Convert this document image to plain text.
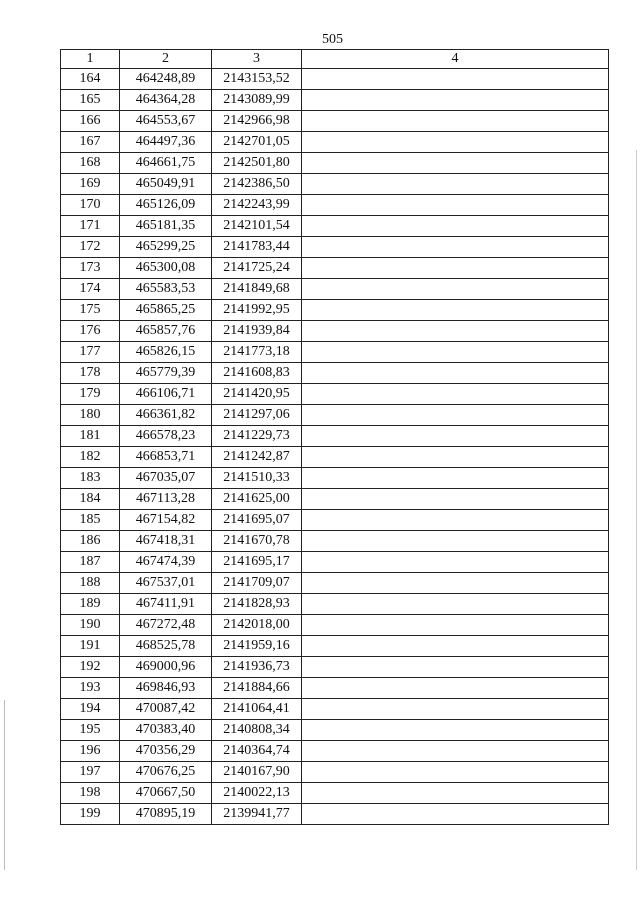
505
1	2	3	4
164	464248,89	2143153,52	
165	464364,28	2143089,99	
166	464553,67	2142966,98	
167	464497,36	2142701,05	
168	464661,75	2142501,80	
169	465049,91	2142386,50	
170	465126,09	2142243,99	
171	465181,35	2142101,54	
172	465299,25	2141783,44	
173	465300,08	2141725,24	
174	465583,53	2141849,68	
175	465865,25	2141992,95	
176	465857,76	2141939,84	
177	465826,15	2141773,18	
178	465779,39	2141608,83	
179	466106,71	2141420,95	
180	466361,82	2141297,06	
181	466578,23	2141229,73	
182	466853,71	2141242,87	
183	467035,07	2141510,33	
184	467113,28	2141625,00	
185	467154,82	2141695,07	
186	467418,31	2141670,78	
187	467474,39	2141695,17	
188	467537,01	2141709,07	
189	467411,91	2141828,93	
190	467272,48	2142018,00	
191	468525,78	2141959,16	
192	469000,96	2141936,73	
193	469846,93	2141884,66	
194	470087,42	2141064,41	
195	470383,40	2140808,34	
196	470356,29	2140364,74	
197	470676,25	2140167,90	
198	470667,50	2140022,13	
199	470895,19	2139941,77	
